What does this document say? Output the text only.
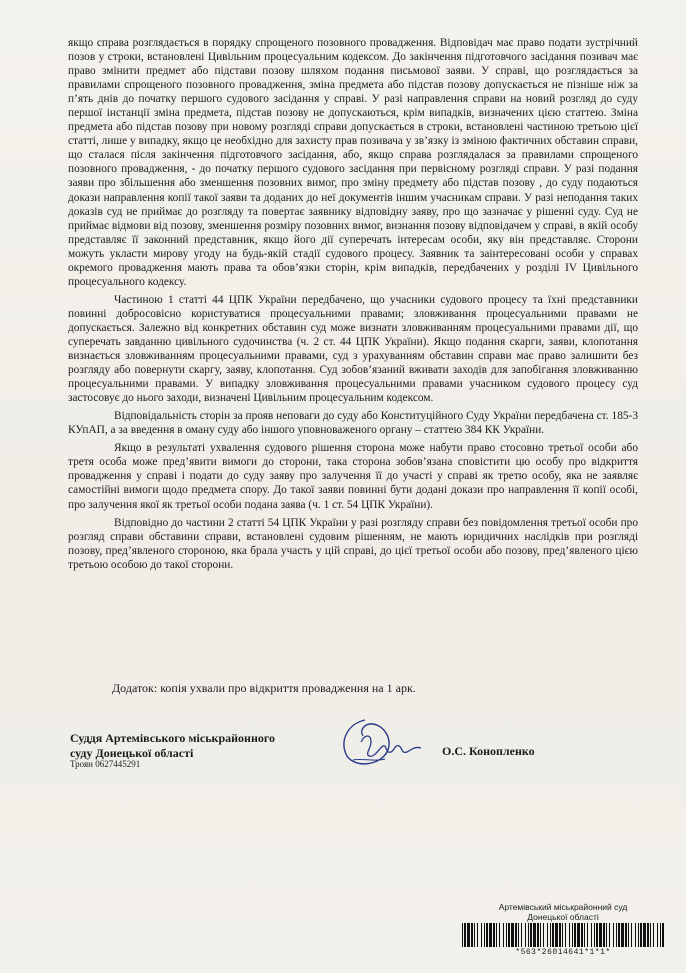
якщо справа розглядається в порядку спрощеного позовного провадження. Відповідач має право подати зустрічний позов у строки, встановлені Цивільним процесуальним кодексом. До закінчення підготовчого засідання позивач має право змінити предмет або підстави позову шляхом подання письмової заяви. У справі, що розглядається за правилами спрощеного позовного провадження, зміна предмета або підстав позову допускається не пізніше ніж за п’ять днів до початку першого судового засідання у справі. У разі направлення справи на новий розгляд до суду першої інстанції зміна предмета, підстав позову не допускаються, крім випадків, визначених цією статтею. Зміна предмета або підстав позову при новому розгляді справи допускається в строки, встановлені частиною третьою цієї статті, лише у випадку, якщо це необхідно для захисту прав позивача у зв’язку із зміною фактичних обставин справи, що сталася після закінчення підготовчого засідання, або, якщо справа розглядалася за правилами спрощеного позовного провадження, - до початку першого судового засідання при первісному розгляді справи. У разі подання заяви про збільшення або зменшення позовних вимог, про зміну предмету або підстав позову , до суду подаються докази направлення копії такої заяви та доданих до неї документів іншим учасникам справи. У разі неподання таких доказів суд не приймає до розгляду та повертає заявнику відповідну заяву, про що зазначає у рішенні суду. Суд не приймає відмови від позову, зменшення розміру позовних вимог, визнання позову відповідачем у справі, в якій особу представляє її законний представник, якщо його дії суперечать інтересам особи, яку він представляє. Сторони можуть укласти мирову угоду на будь-якій стадії судового процесу. Заявник та заінтересовані особи у справах окремого провадження мають права та обов’язки сторін, крім випадків, передбачених у розділі IV Цивільного процесуального кодексу.

Частиною 1 статті 44 ЦПК України передбачено, що учасники судового процесу та їхні представники повинні добросовісно користуватися процесуальними правами; зловживання процесуальними правами не допускається. Залежно від конкретних обставин суд може визнати зловживанням процесуальними правами дії, що суперечать завданню цивільного судочинства (ч. 2 ст. 44 ЦПК України). Якщо подання скарги, заяви, клопотання визнається зловживанням процесуальними правами, суд з урахуванням обставин справи має право залишити без розгляду або повернути скаргу, заяву, клопотання. Суд зобов’язаний вживати заходів для запобігання зловживанню процесуальними правами. У випадку зловживання процесуальними правами учасником судового процесу суд застосовує до нього заходи, визначені Цивільним процесуальним кодексом.

Відповідальність сторін за прояв неповаги до суду або Конституційного Суду України передбачена ст. 185-3 КУпАП, а за введення в оману суду або іншого уповноваженого органу – статтею 384 КК України.

Якщо в результаті ухвалення судового рішення сторона може набути право стосовно третьої особи або третя особа може пред’явити вимоги до сторони, така сторона зобов’язана сповістити цю особу про відкриття провадження у справі і подати до суду заяву про залучення її до участі у справі як третю особу, яка не заявляє самостійні вимоги щодо предмета спору. До такої заяви повинні бути додані докази про направлення її копії особі, про залучення якої як третьої особи подана заява (ч. 1 ст. 54 ЦПК України).

Відповідно до частини 2 статті 54 ЦПК України у разі розгляду справи без повідомлення третьої особи про розгляд справи обставини справи, встановлені судовим рішенням, не мають юридичних наслідків при розгляді позову, пред’явленого стороною, яка брала участь у цій справі, до цієї третьої особи або позову, пред’явленого цією третьою особою до такої сторони.

Додаток: копія ухвали про відкриття провадження на 1 арк.
Суддя Артемівського міськрайонного
суду Донецької області
Троян 0627445291
О.С. Конопленко
Артемівський міськрайонний суд
Донецької області
*563*26014641*1*1*
